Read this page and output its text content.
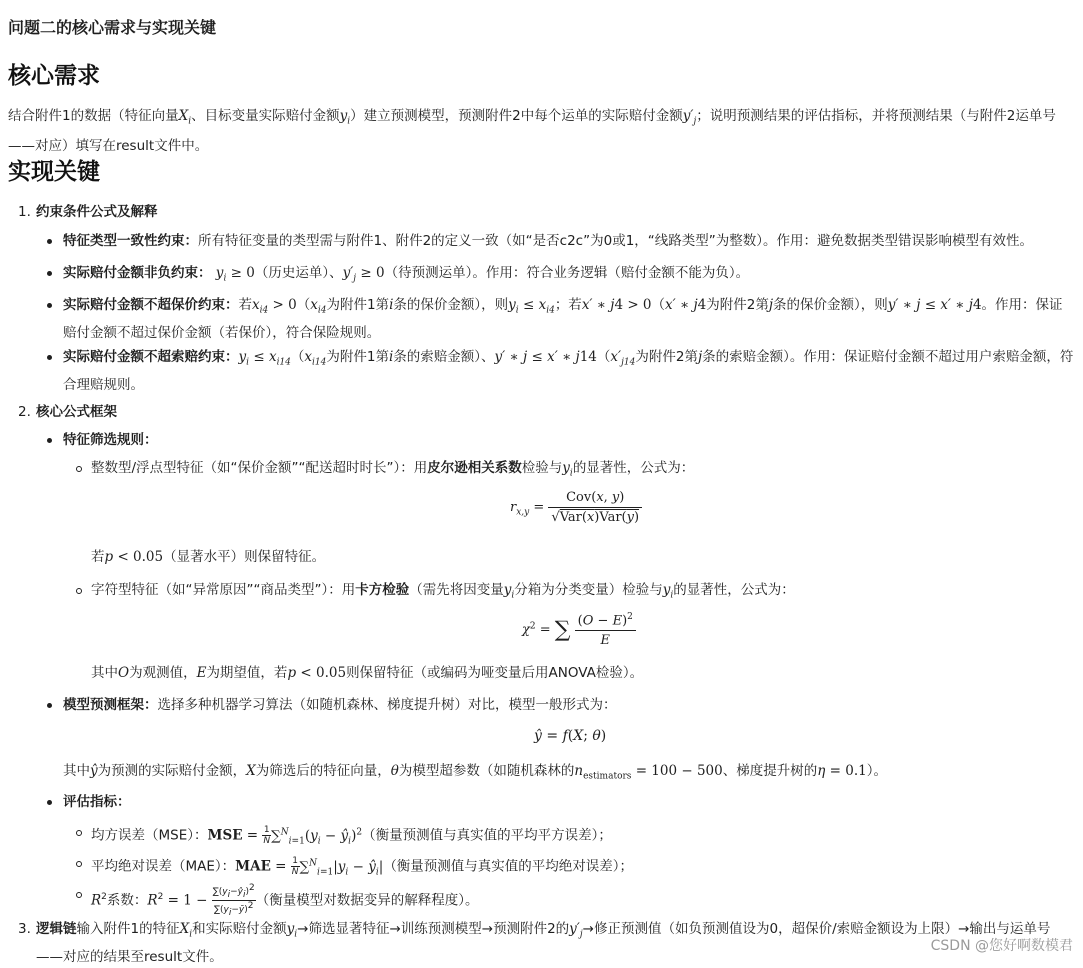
问题二的核心需求与实现关键
核心需求
结合附件1的数据（特征向量$X_i$、目标变量实际赔付金额$y_i$）建立预测模型，预测附件2中每个运单的实际赔付金额$y'_j$；说明预测结果的评估指标，并将预测结果（与附件2运单号——对应）填写在result文件中。
实现关键
1. 约束条件公式及解释
特征类型一致性约束：所有特征变量的类型需与附件1、附件2的定义一致（如“是否c2c”为0或1，“线路类型”为整数）。作用：避免数据类型错误影响模型有效性。
实际赔付金额非负约束： $y_i \ge 0$（历史运单）、$y'_j \ge 0$（待预测运单）。作用：符合业务逻辑（赔付金额不能为负）。
实际赔付金额不超保价约束：若$x_{i4} > 0(x_{i4}$为附件1第i条的保价金额），则$y_i \le x_{i4}$；若x′ ∗ j4 > 0（x′ ∗ j4为附件2第j条的保价金额），则y′ ∗ j ≤ x′ ∗ j4。作用：保证赔付金额不超过保价金额（若保价），符合保险规则。
实际赔付金额不超索赔约束：$y_i \le x_{i14}(x_{i14}$为附件1第i条的索赔金额）、y′ ∗ j ≤ x′ ∗ $j14(x'_{j14}$为附件2第j条的索赔金额）。作用：保证赔付金额不超过用户索赔金额，符合理赔规则。
2. 核心公式框架
特征筛选规则：
整数型/浮点型特征（如“保价金额”“配送超时时长”）：用皮尔逊相关系数检验与$y_i$的显著性，公式为：
$r_{x,y} = \frac{\text{Cov(x, y)}}{\text{√Var(x)Var(y)}}$
若p < 0.05（显著水平）则保留特征。
字符型特征（如“异常原因”“商品类型”）：用卡方检验（需先将因变量$y_i$分箱为分类变量）检验与$y_i$的显著性，公式为：
$\chi^2$ = ∑ $\frac{(O - E)^2}{E}$
其中O为观测值，E为期望值，若p < 0.05则保留特征（或编码为哑变量后用ANOVA检验）。
模型预测框架：选择多种机器学习算法（如随机森林、梯度提升树）对比，模型一般形式为：
ŷ = f(X; θ)
其中ŷ为预测的实际赔付金额，X为筛选后的特征向量，θ为模型超参数（如随机森林的$n_{estimators} = 100 - 500$、梯度提升树的η = 0.1）。
评估指标：
均方误差（MSE）：MSE = $\frac{1}{N} \sum^N_{i=1}(y_i$ − $ŷ_i)^2$（衡量预测值与真实值的平均平方误差）；
平均绝对误差（MAE）：MAE = $\frac{1}{N} \sum^N_{i=1}|y_i$ − $ŷ_i|$（衡量预测值与真实值的平均绝对误差）；
$R^2$系数：$R^2 = 1 - \frac{\sum(y_i-ŷ_i)^2}{\sum(y_i-ȳ)^2}$ （衡量模型对数据变异的解释程度）。
3. 逻辑链输入附件1的特征$X_i$和实际赔付金额$y_i\to$筛选显著特征→训练预测模型→预测附件2的$y'_j\to$修正预测值（如负预测值设为0，超保价/索赔金额设为上限）→输出与运单号——对应的结果至result文件。
CSDN @您好啊数模君
